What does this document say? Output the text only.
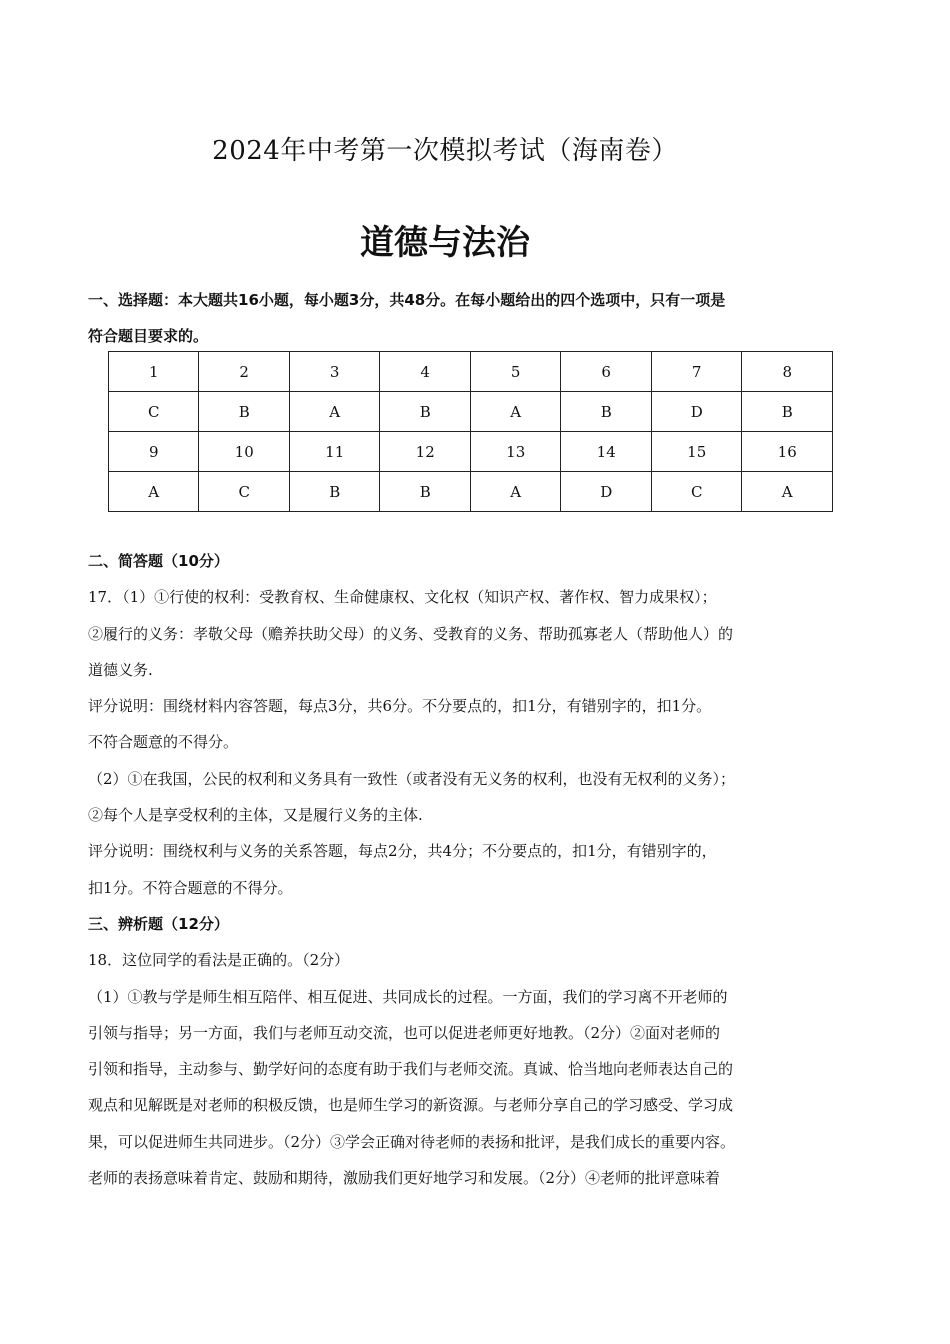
2024年中考第一次模拟考试（海南卷）
道德与法治
一、选择题：本大题共16小题，每小题3分，共48分。在每小题给出的四个选项中，只有一项是
符合题目要求的。
1	2	3	4	5	6	7	8
C	B	A	B	A	B	D	B
9	10	11	12	13	14	15	16
A	C	B	B	A	D	C	A

二、简答题（10分）

17．（1）①行使的权利：受教育权、生命健康权、文化权（知识产权、著作权、智力成果权）；

②履行的义务：孝敬父母（赡养扶助父母）的义务、受教育的义务、帮助孤寡老人（帮助他人）的

道德义务.

评分说明：围绕材料内容答题，每点3分，共6分。不分要点的，扣1分，有错别字的，扣1分。

不符合题意的不得分。

（2）①在我国，公民的权利和义务具有一致性（或者没有无义务的权利，也没有无权利的义务）；

②每个人是享受权利的主体，又是履行义务的主体.

评分说明：围绕权利与义务的关系答题，每点2分，共4分；不分要点的，扣1分，有错别字的，

扣1分。不符合题意的不得分。

三、辨析题（12分）

18．这位同学的看法是正确的。（2分）

（1）①教与学是师生相互陪伴、相互促进、共同成长的过程。一方面，我们的学习离不开老师的

引领与指导；另一方面，我们与老师互动交流，也可以促进老师更好地教。（2分）②面对老师的

引领和指导，主动参与、勤学好问的态度有助于我们与老师交流。真诚、恰当地向老师表达自己的

观点和见解既是对老师的积极反馈，也是师生学习的新资源。与老师分享自己的学习感受、学习成

果，可以促进师生共同进步。（2分）③学会正确对待老师的表扬和批评，是我们成长的重要内容。

老师的表扬意味着肯定、鼓励和期待，激励我们更好地学习和发展。（2分）④老师的批评意味着
